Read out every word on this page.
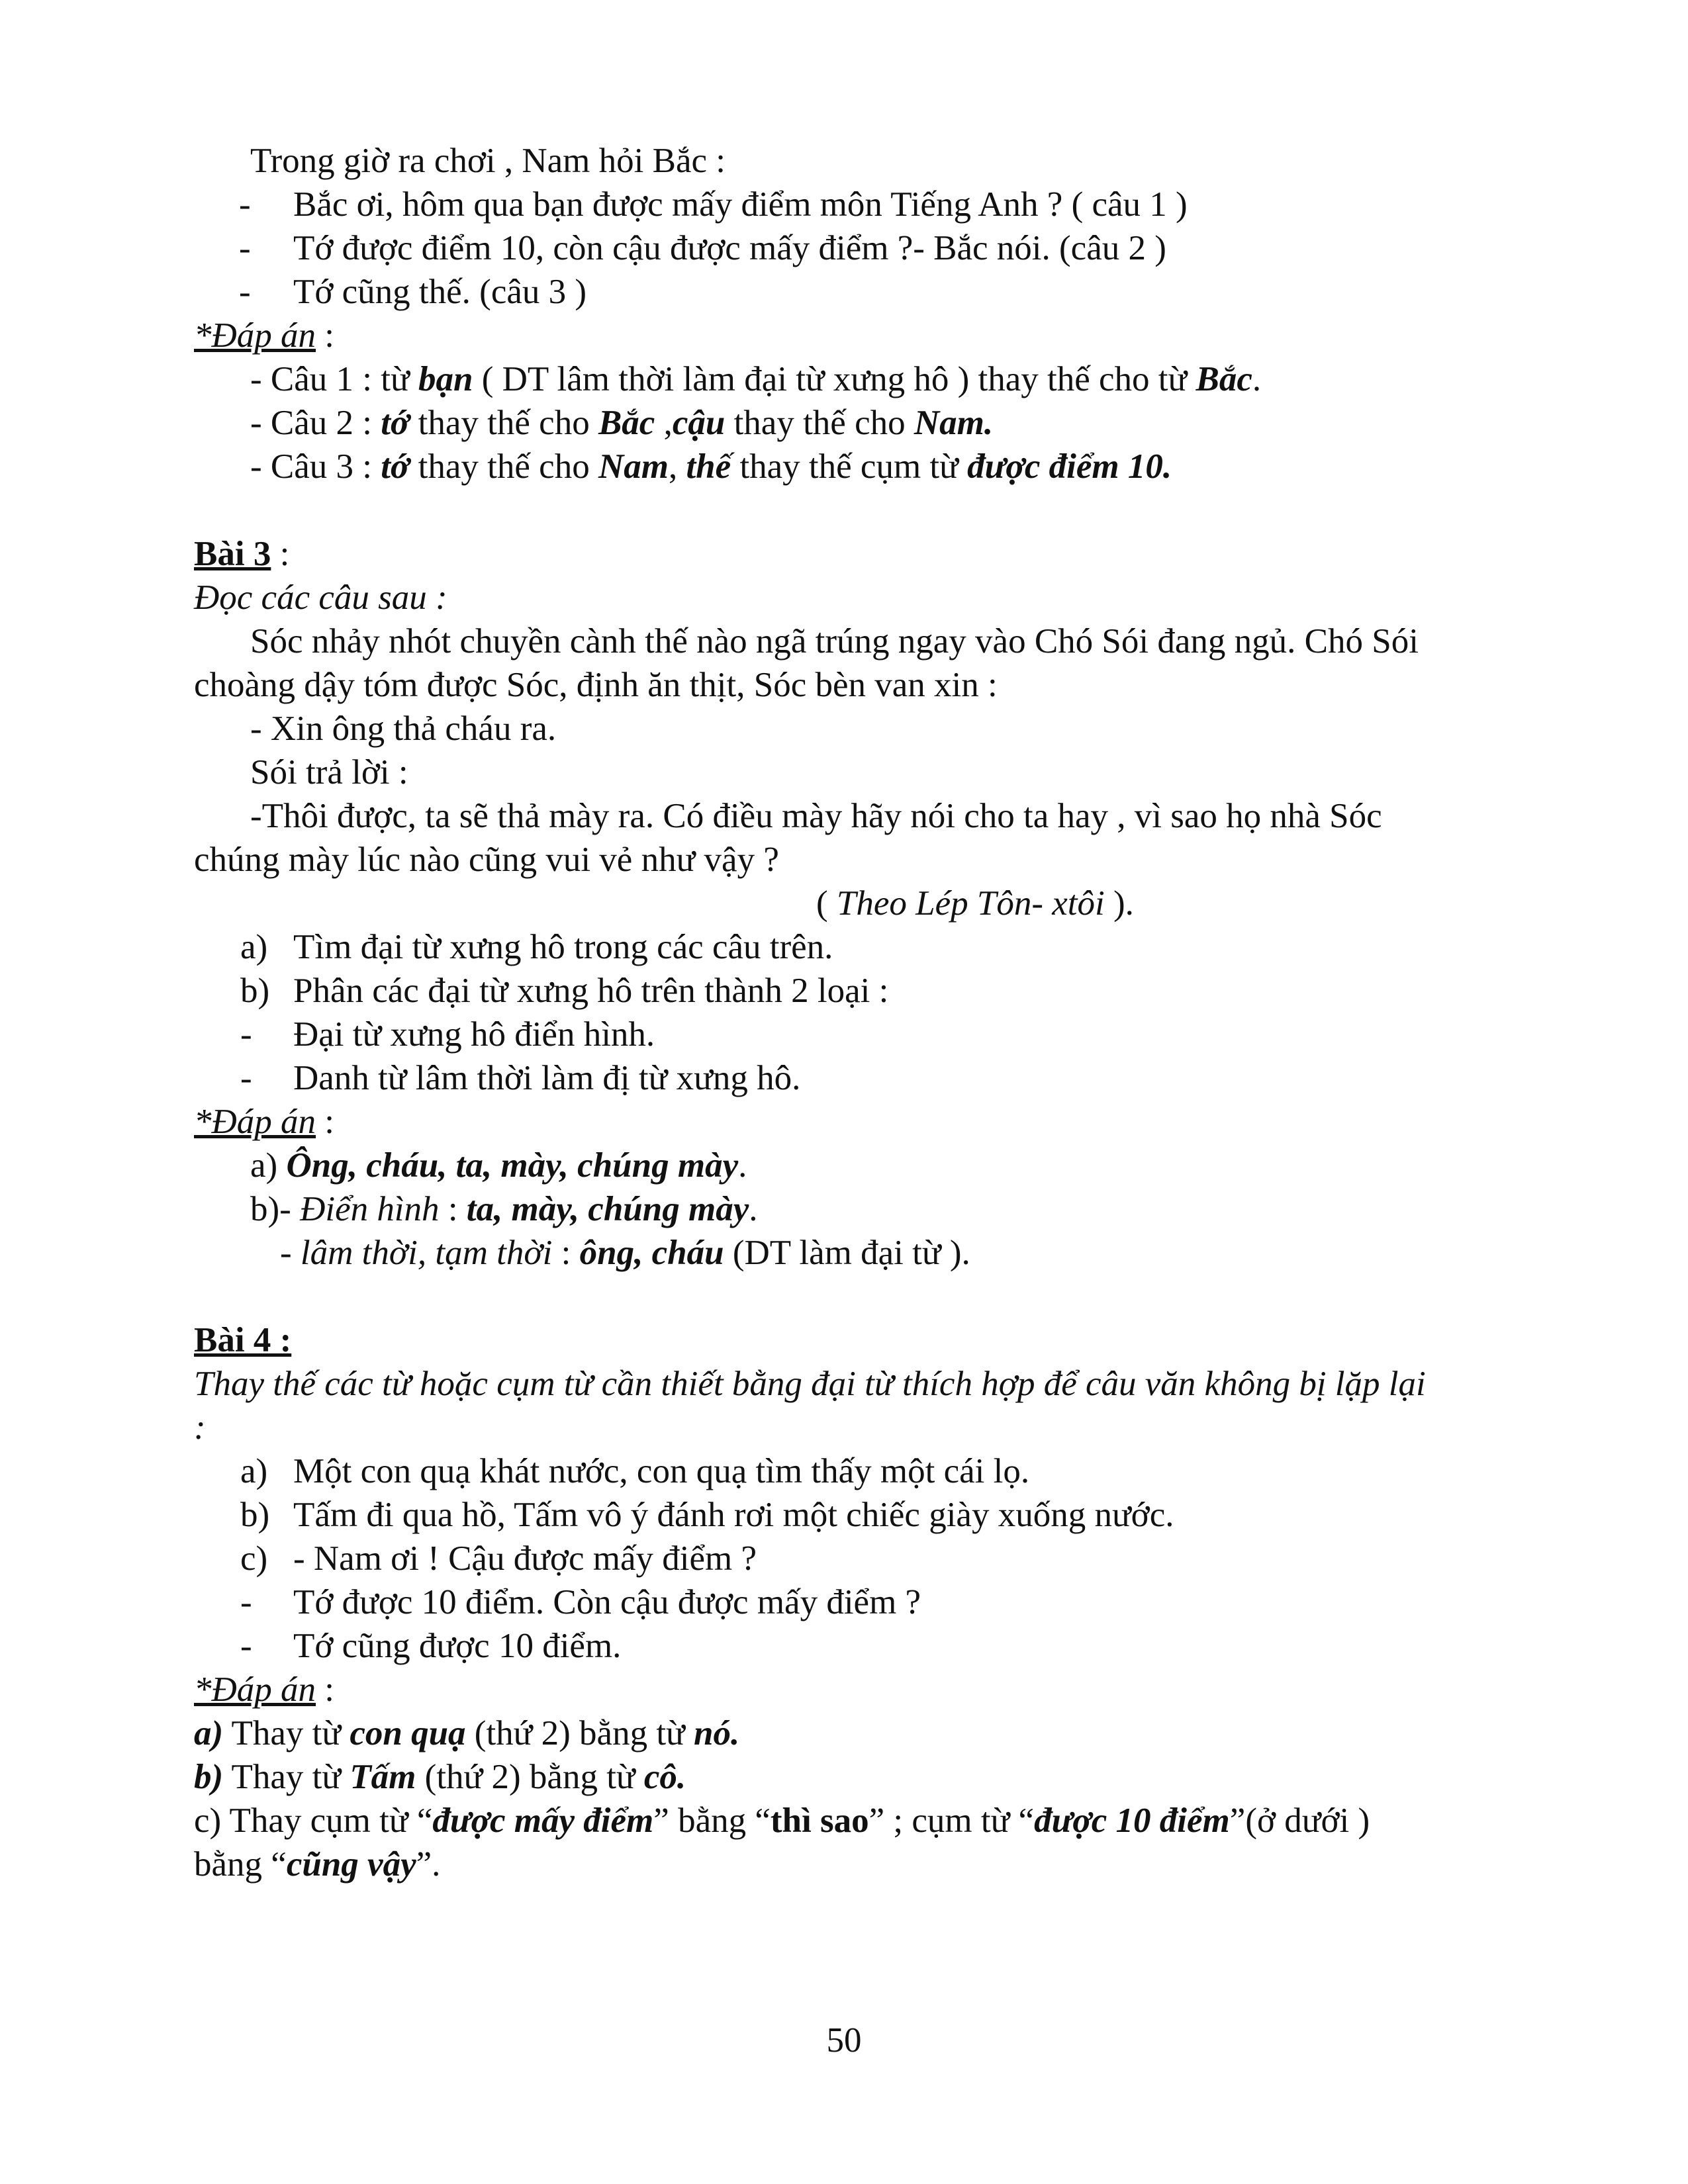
Trong giờ ra chơi , Nam hỏi Bắc :
- Bắc ơi, hôm qua bạn được mấy điểm môn Tiếng Anh ? ( câu 1 )
- Tớ được điểm 10, còn cậu được mấy điểm ?- Bắc nói. (câu 2 )
- Tớ cũng thế. (câu 3 )
*Đáp án :
- Câu 1 : từ bạn ( DT lâm thời làm đại từ xưng hô ) thay thế cho từ Bắc.
- Câu 2 : tớ thay thế cho Bắc ,cậu thay thế cho Nam.
- Câu 3 : tớ thay thế cho Nam, thế thay thế cụm từ được điểm 10.
Bài 3 :
Đọc các câu sau :
Sóc nhảy nhót chuyền cành thế nào ngã trúng ngay vào Chó Sói đang ngủ. Chó Sói
choàng dậy tóm được Sóc, định ăn thịt, Sóc bèn van xin :
- Xin ông thả cháu ra.
Sói trả lời :
-Thôi được, ta sẽ thả mày ra. Có điều mày hãy nói cho ta hay , vì sao họ nhà Sóc
chúng mày lúc nào cũng vui vẻ như vậy ?
( Theo Lép Tôn- xtôi ).
a) Tìm đại từ xưng hô trong các câu trên.
b) Phân các đại từ xưng hô trên thành 2 loại :
- Đại từ xưng hô điển hình.
- Danh từ lâm thời làm đị từ xưng hô.
*Đáp án :
a) Ông, cháu, ta, mày, chúng mày.
b)- Điển hình : ta, mày, chúng mày.
- lâm thời, tạm thời : ông, cháu (DT làm đại từ ).
Bài 4 :
Thay thế các từ hoặc cụm từ cần thiết bằng đại từ thích hợp để câu văn không bị lặp lại
:
a) Một con quạ khát nước, con quạ tìm thấy một cái lọ.
b) Tấm đi qua hồ, Tấm vô ý đánh rơi một chiếc giày xuống nước.
c) - Nam ơi ! Cậu được mấy điểm ?
- Tớ được 10 điểm. Còn cậu được mấy điểm ?
- Tớ cũng được 10 điểm.
*Đáp án :
a) Thay từ con quạ (thứ 2) bằng từ nó.
b) Thay từ Tấm (thứ 2) bằng từ cô.
c) Thay cụm từ “được mấy điểm” bằng “thì sao” ; cụm từ “được 10 điểm”(ở dưới )
bằng “cũng vậy”.
50
